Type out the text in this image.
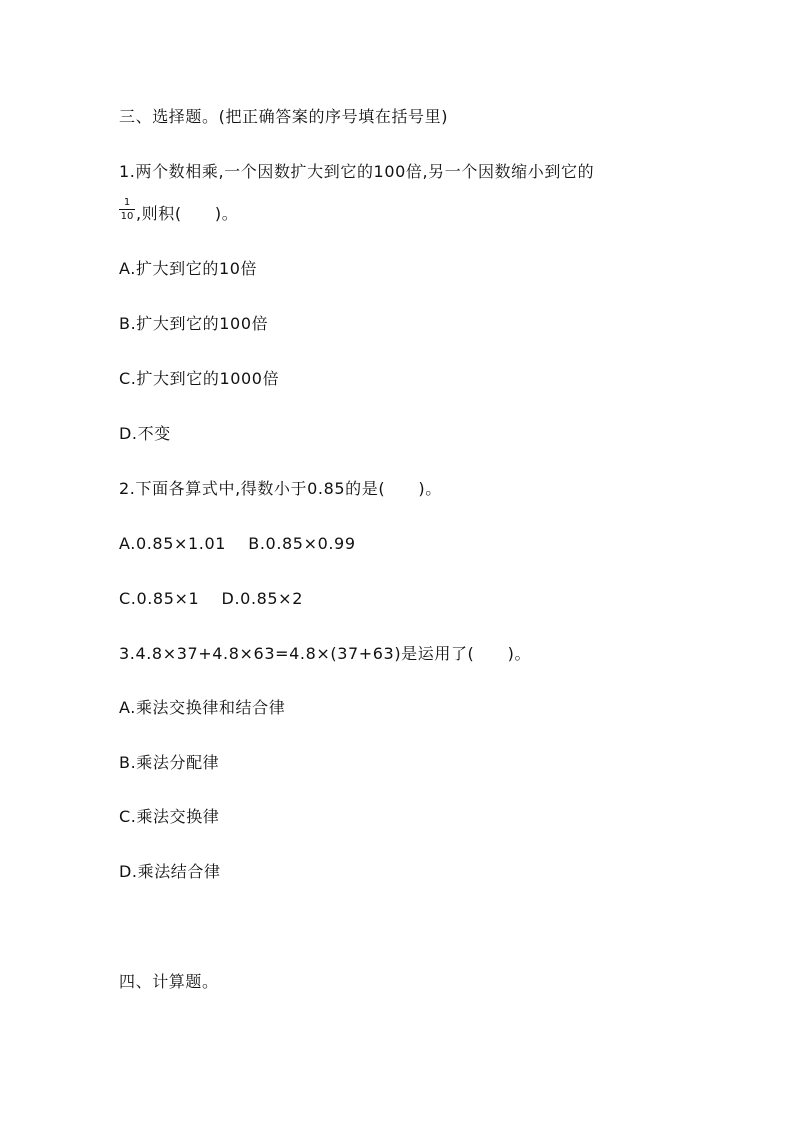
三、选择题。(把正确答案的序号填在括号里)
1.两个数相乘,一个因数扩大到它的100倍,另一个因数缩小到它的
$\frac{1}{10}$ ,则积(　　)。
A.扩大到它的10倍
B.扩大到它的100倍
C.扩大到它的1000倍
D.不变
2.下面各算式中,得数小于0.85的是(　　)。
A.0.85×1.01　 B.0.85×0.99
C.0.85×1　 D.0.85×2
3.4.8×37+4.8×63=4.8×(37+63)是运用了(　　)。
A.乘法交换律和结合律
B.乘法分配律
C.乘法交换律
D.乘法结合律
四、计算题。
